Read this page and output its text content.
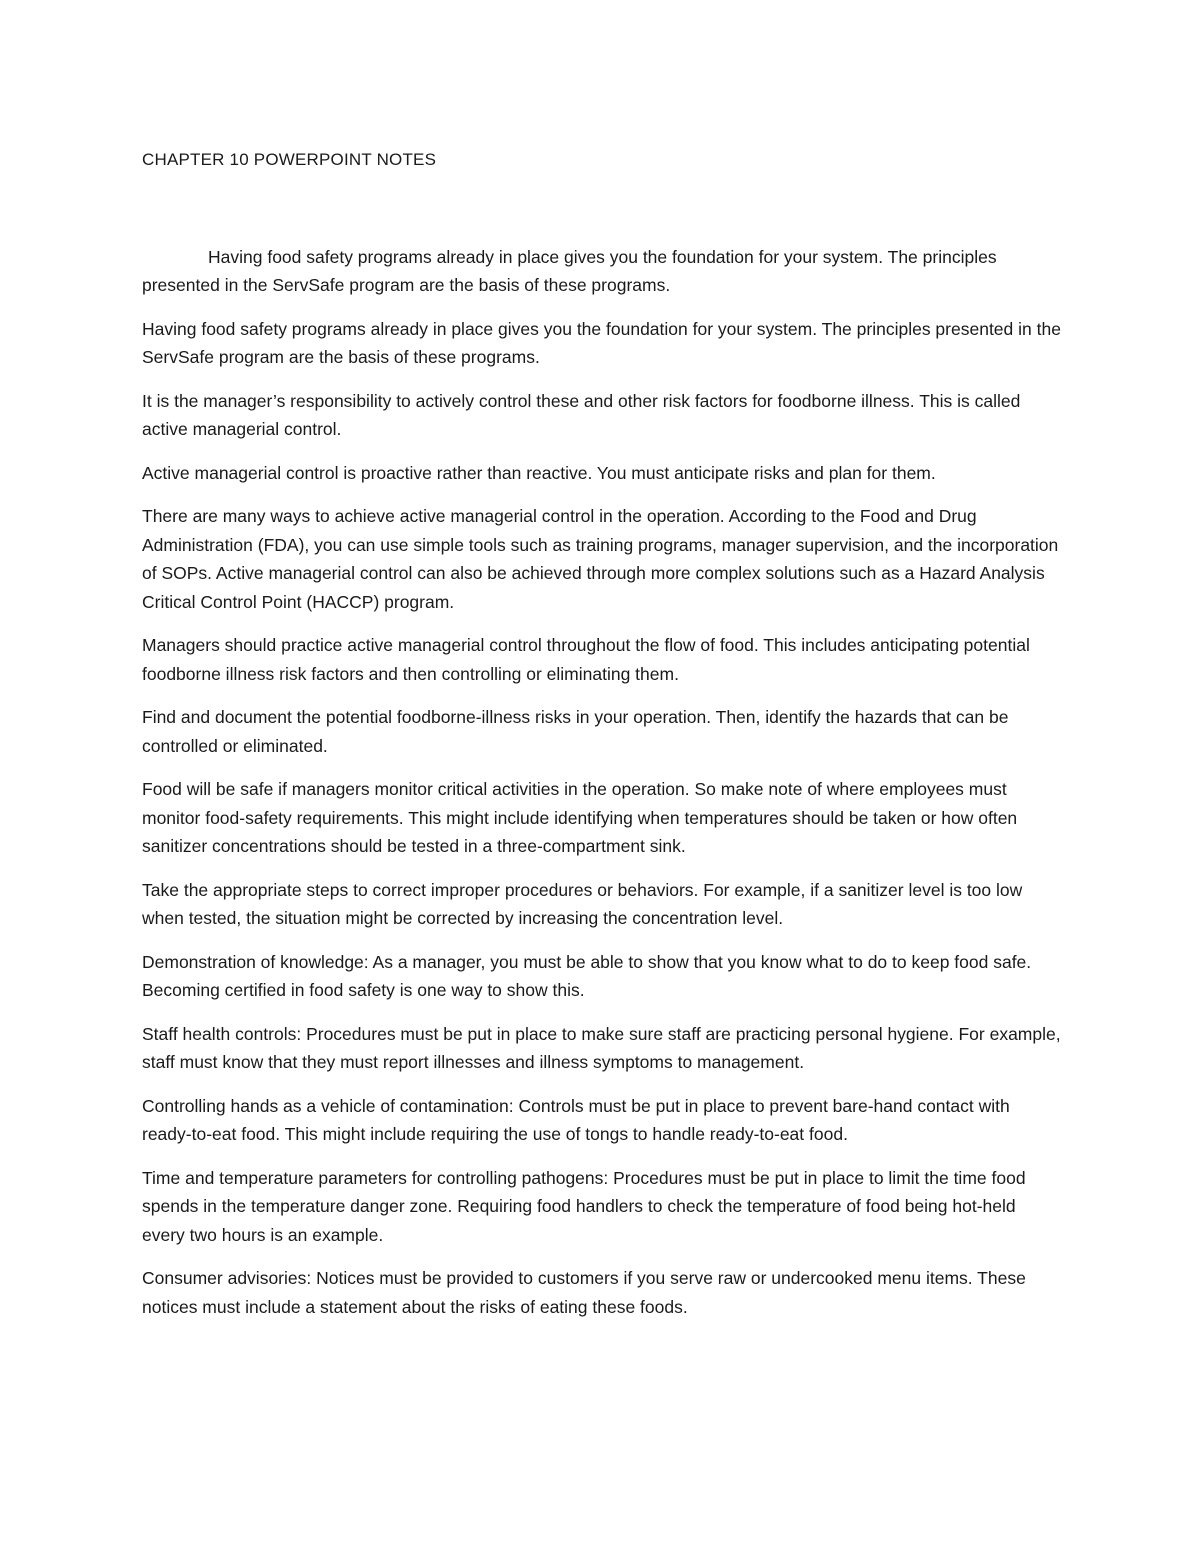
CHAPTER 10 POWERPOINT NOTES

Having food safety programs already in place gives you the foundation for your system. The principles presented in the ServSafe program are the basis of these programs.

Having food safety programs already in place gives you the foundation for your system. The principles presented in the ServSafe program are the basis of these programs.

It is the manager’s responsibility to actively control these and other risk factors for foodborne illness. This is called active managerial control.

Active managerial control is proactive rather than reactive. You must anticipate risks and plan for them.

There are many ways to achieve active managerial control in the operation. According to the Food and Drug Administration (FDA), you can use simple tools such as training programs, manager supervision, and the incorporation of SOPs. Active managerial control can also be achieved through more complex solutions such as a Hazard Analysis Critical Control Point (HACCP) program.

Managers should practice active managerial control throughout the flow of food. This includes anticipating potential foodborne illness risk factors and then controlling or eliminating them.

Find and document the potential foodborne-illness risks in your operation. Then, identify the hazards that can be controlled or eliminated.

Food will be safe if managers monitor critical activities in the operation. So make note of where employees must monitor food-safety requirements. This might include identifying when temperatures should be taken or how often sanitizer concentrations should be tested in a three-compartment sink.

Take the appropriate steps to correct improper procedures or behaviors. For example, if a sanitizer level is too low when tested, the situation might be corrected by increasing the concentration level.

Demonstration of knowledge: As a manager, you must be able to show that you know what to do to keep food safe. Becoming certified in food safety is one way to show this.

Staff health controls: Procedures must be put in place to make sure staff are practicing personal hygiene. For example, staff must know that they must report illnesses and illness symptoms to management.

Controlling hands as a vehicle of contamination: Controls must be put in place to prevent bare-hand contact with ready-to-eat food. This might include requiring the use of tongs to handle ready-to-eat food.

Time and temperature parameters for controlling pathogens: Procedures must be put in place to limit the time food spends in the temperature danger zone. Requiring food handlers to check the temperature of food being hot-held every two hours is an example.

Consumer advisories: Notices must be provided to customers if you serve raw or undercooked menu items. These notices must include a statement about the risks of eating these foods.
